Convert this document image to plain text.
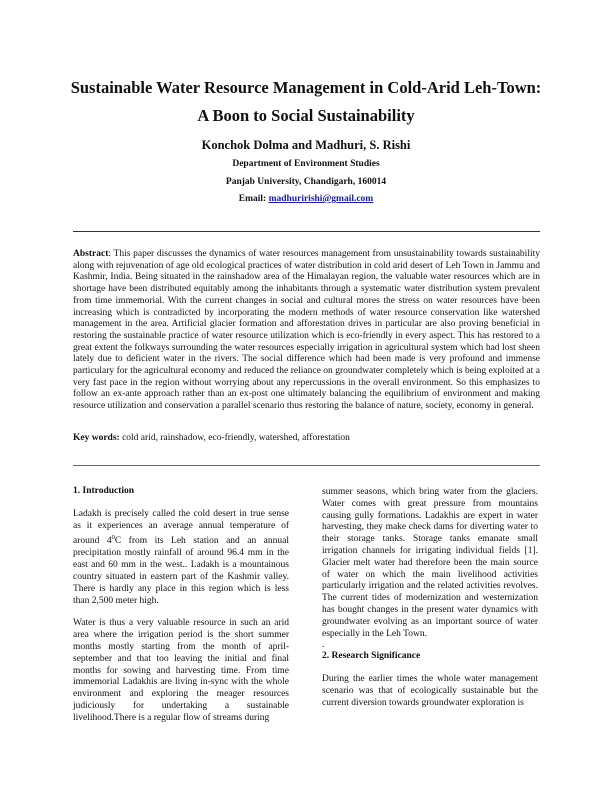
Sustainable Water Resource Management in Cold-Arid Leh-Town:
A Boon to Social Sustainability

Konchok Dolma and Madhuri, S. Rishi

Department of Environment Studies

Panjab University, Chandigarh, 160014

Email: madhuririshi@gmail.com

Abstract: This paper discusses the dynamics of water resources management from unsustainability towards sustainability along with rejuvenation of age old ecological practices of water distribution in cold arid desert of Leh Town in Jammu and Kashmir, India. Being situated in the rainshadow area of the Himalayan region, the valuable water resources which are in shortage have been distributed equitably among the inhabitants through a systematic water distribution system prevalent from time immemorial. With the current changes in social and cultural mores the stress on water resources have been increasing which is contradicted by incorporating the modern methods of water resource conservation like watershed management in the area. Artificial glacier formation and afforestation drives in particular are also proving beneficial in restoring the sustainable practice of water resource utilization which is eco-friendly in every aspect. This has restored to a great extent the folkways surrounding the water resources especially irrigation in agricultural system which had lost sheen lately due to deficient water in the rivers. The social difference which had been made is very profound and immense particulary for the agricultural economy and reduced the reliance on groundwater completely which is being exploited at a very fast pace in the region without worrying about any repercussions in the overall environment. So this emphasizes to follow an ex-ante approach rather than an ex-post one ultimately balancing the equilibrium of environment and making resource utilization and conservation a parallel scenario thus restoring the balance of nature, society, economy in general.

Key words: cold arid, rainshadow, eco-friendly, watershed, afforestation

1. Introduction

Ladakh is precisely called the cold desert in true sense as it experiences an average annual temperature of around $4^0C$ from its Leh station and an annual precipitation mostly rainfall of around 96.4 mm in the east and 60 mm in the west.. Ladakh is a mountainous country situated in eastern part of the Kashmir valley. There is hardly any place in this region which is less than 2,500 meter high.

Water is thus a very valuable resource in such an arid area where the irrigation period is the short summer months mostly starting from the month of april-september and that too leaving the initial and final months for sowing and harvesting time. From time immemorial Ladakhis are living in-sync with the whole environment and exploring the meager resources judiciously for undertaking a sustainable livelihood.There is a regular flow of streams during

summer seasons, which bring water from the glaciers. Water comes with great pressure from mountains causing gully formations. Ladakhis are expert in water harvesting, they make check dams for diverting water to their storage tanks. Storage tanks emanate small irrigation channels for irrigating individual fields [1]. Glacier melt water had therefore been the main source of water on which the main livelihood activities particularly irrigation and the related activities revolves. The current tides of modernization and westernization has bought changes in the present water dynamics with groundwater evolving as an important source of water especially in the Leh Town.

.

2. Research Significance

During the earlier times the whole water management scenario was that of ecologically sustainable but the current diversion towards groundwater exploration is
